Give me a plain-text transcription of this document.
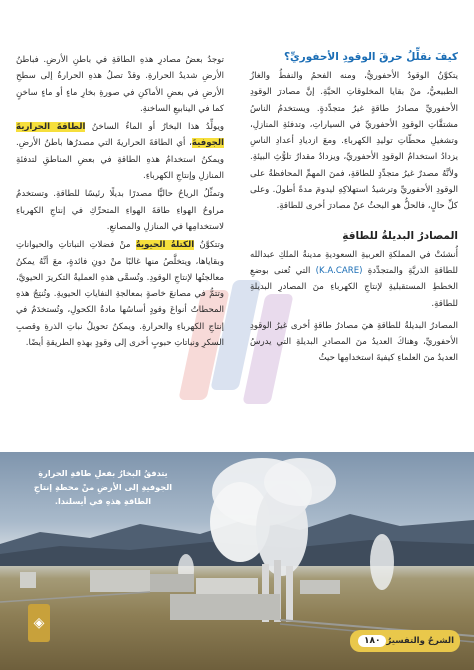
كيفَ نقلِّلُ حرقَ الوقودِ الأحفوريِّ؟

يتكوَّنُ الوقودُ الأحفوريُّ، ومنه الفحمُ والنفطُ والغازُ الطبيعيُّ، منْ بقايا المخلوقاتِ الحيَّةِ. إنَّ مصادرَ الوقودِ الأحفوريِّ مصادرُ طاقةٍ غيرُ متجدِّدةٍ. ويستخدمُ الناسُ مشتقَّاتِ الوقودِ الأحفوريِّ في السياراتِ، وتدفئةِ المنازلِ، وتشغيلِ محطّاتِ توليدِ الكهرباءِ. ومعَ ازديادِ أعدادِ الناسِ يزدادُ استخدامُ الوقودِ الأحفوريِّ، ويزدادُ مقدارُ تلوُّثِ البيئةِ. ولأنَّهُ مصدرٌ غيرُ متجدِّدٍ للطاقةِ، فمنَ المهمِّ المحافظةُ على الوقودِ الأحفوريِّ وترشيدُ استهلاكِهِ ليدومَ مدةً أطولَ. وعلى كلِّ حالٍ، فالحلُّ هو البحثُ عنْ مصادرَ أخرى للطاقةِ.

المصادرُ البديلةُ للطاقةِ

أُنشئتْ في المملكةِ العربيةِ السعوديةِ مدينةُ الملكِ عبدالله للطاقةِ الذريَّةِ والمتجدِّدةِ (K.A.CARE) التي تُعنى بوضعِ الخططِ المستقبليةِ لإنتاجِ الكهرباءِ منَ المصادرِ البديلةِ للطاقةِ.

المصادرُ البديلةُ للطاقةِ هيَ مصادرُ طاقةٍ أخرى غيرُ الوقودِ الأحفوريِّ، وهناكَ العديدُ منَ المصادرِ البديلةِ التي يدرسُ العديدُ منَ العلماءِ كيفيةَ استخدامِها حيثُ

توجدُ بعضُ مصادرِ هذهِ الطاقةِ في باطنِ الأرضِ. فباطنُ الأرضِ شديدُ الحرارةِ. وقدْ تصلُ هذهِ الحرارةُ إلى سطحِ الأرضِ في بعضِ الأماكنِ في صورةِ بخارِ ماءٍ أو ماءٍ ساخنٍ كما في الينابيعِ الساخنةِ.

ويولِّدُ هذا البخارُ أو الماءُ الساخنُ الطاقةَ الحراريةَ الجوفيةَ، أي الطاقةَ الحراريةَ التي مصدرُها باطنُ الأرضِ. ويمكنُ استخدامُ هذهِ الطاقةِ في بعضِ المناطقِ لتدفئةِ المنازلِ وإنتاجِ الكهرباءِ.

وتمثِّلُ الرياحُ حاليًّا مصدرًا بديلًا رئيسًا للطاقةِ. وتستخدمُ مراوحُ الهواءِ طاقةَ الهواءِ المتحرِّكِ في إنتاجِ الكهرباءِ لاستخدامِها في المنازلِ والمصانعِ.

وتتكوَّنُ الكتلةُ الحيويةُ منْ فضلاتِ النباتاتِ والحيواناتِ وبقاياها، ويتخلَّصُ منها غالبًا منْ دونِ فائدةٍ، معَ أنَّهُ يمكنُ معالجتُها لإنتاجِ الوقودِ. وتُسمَّى هذهِ العمليةُ التكريرَ الحيويَّ، وتتمُّ في مصانعَ خاصةٍ بمعالجةِ النفاياتِ الحيويةِ. وتُنتِجُ هذهِ المحطاتُ أنواعَ وقودٍ أساسُها مادةُ الكحولِ، وتُستخدَمُ في إنتاجِ الكهرباءِ والحرارةِ. ويمكنُ تحويلُ نباتِ الذرةِ وقصبِ السكرِ ونباتاتِ حبوبٍ أخرى إلى وقودٍ بهذهِ الطريقةِ أيضًا.

يتدفقُ البخارُ بفعلِ طاقةِ الحرارةِ الجوفيةِ إلى الأرضِ منْ محطةِ إنتاجِ الطاقةِ هذهِ في أيسلندا.
◈
الشرحُ والتفسيرُ
١٨٠
